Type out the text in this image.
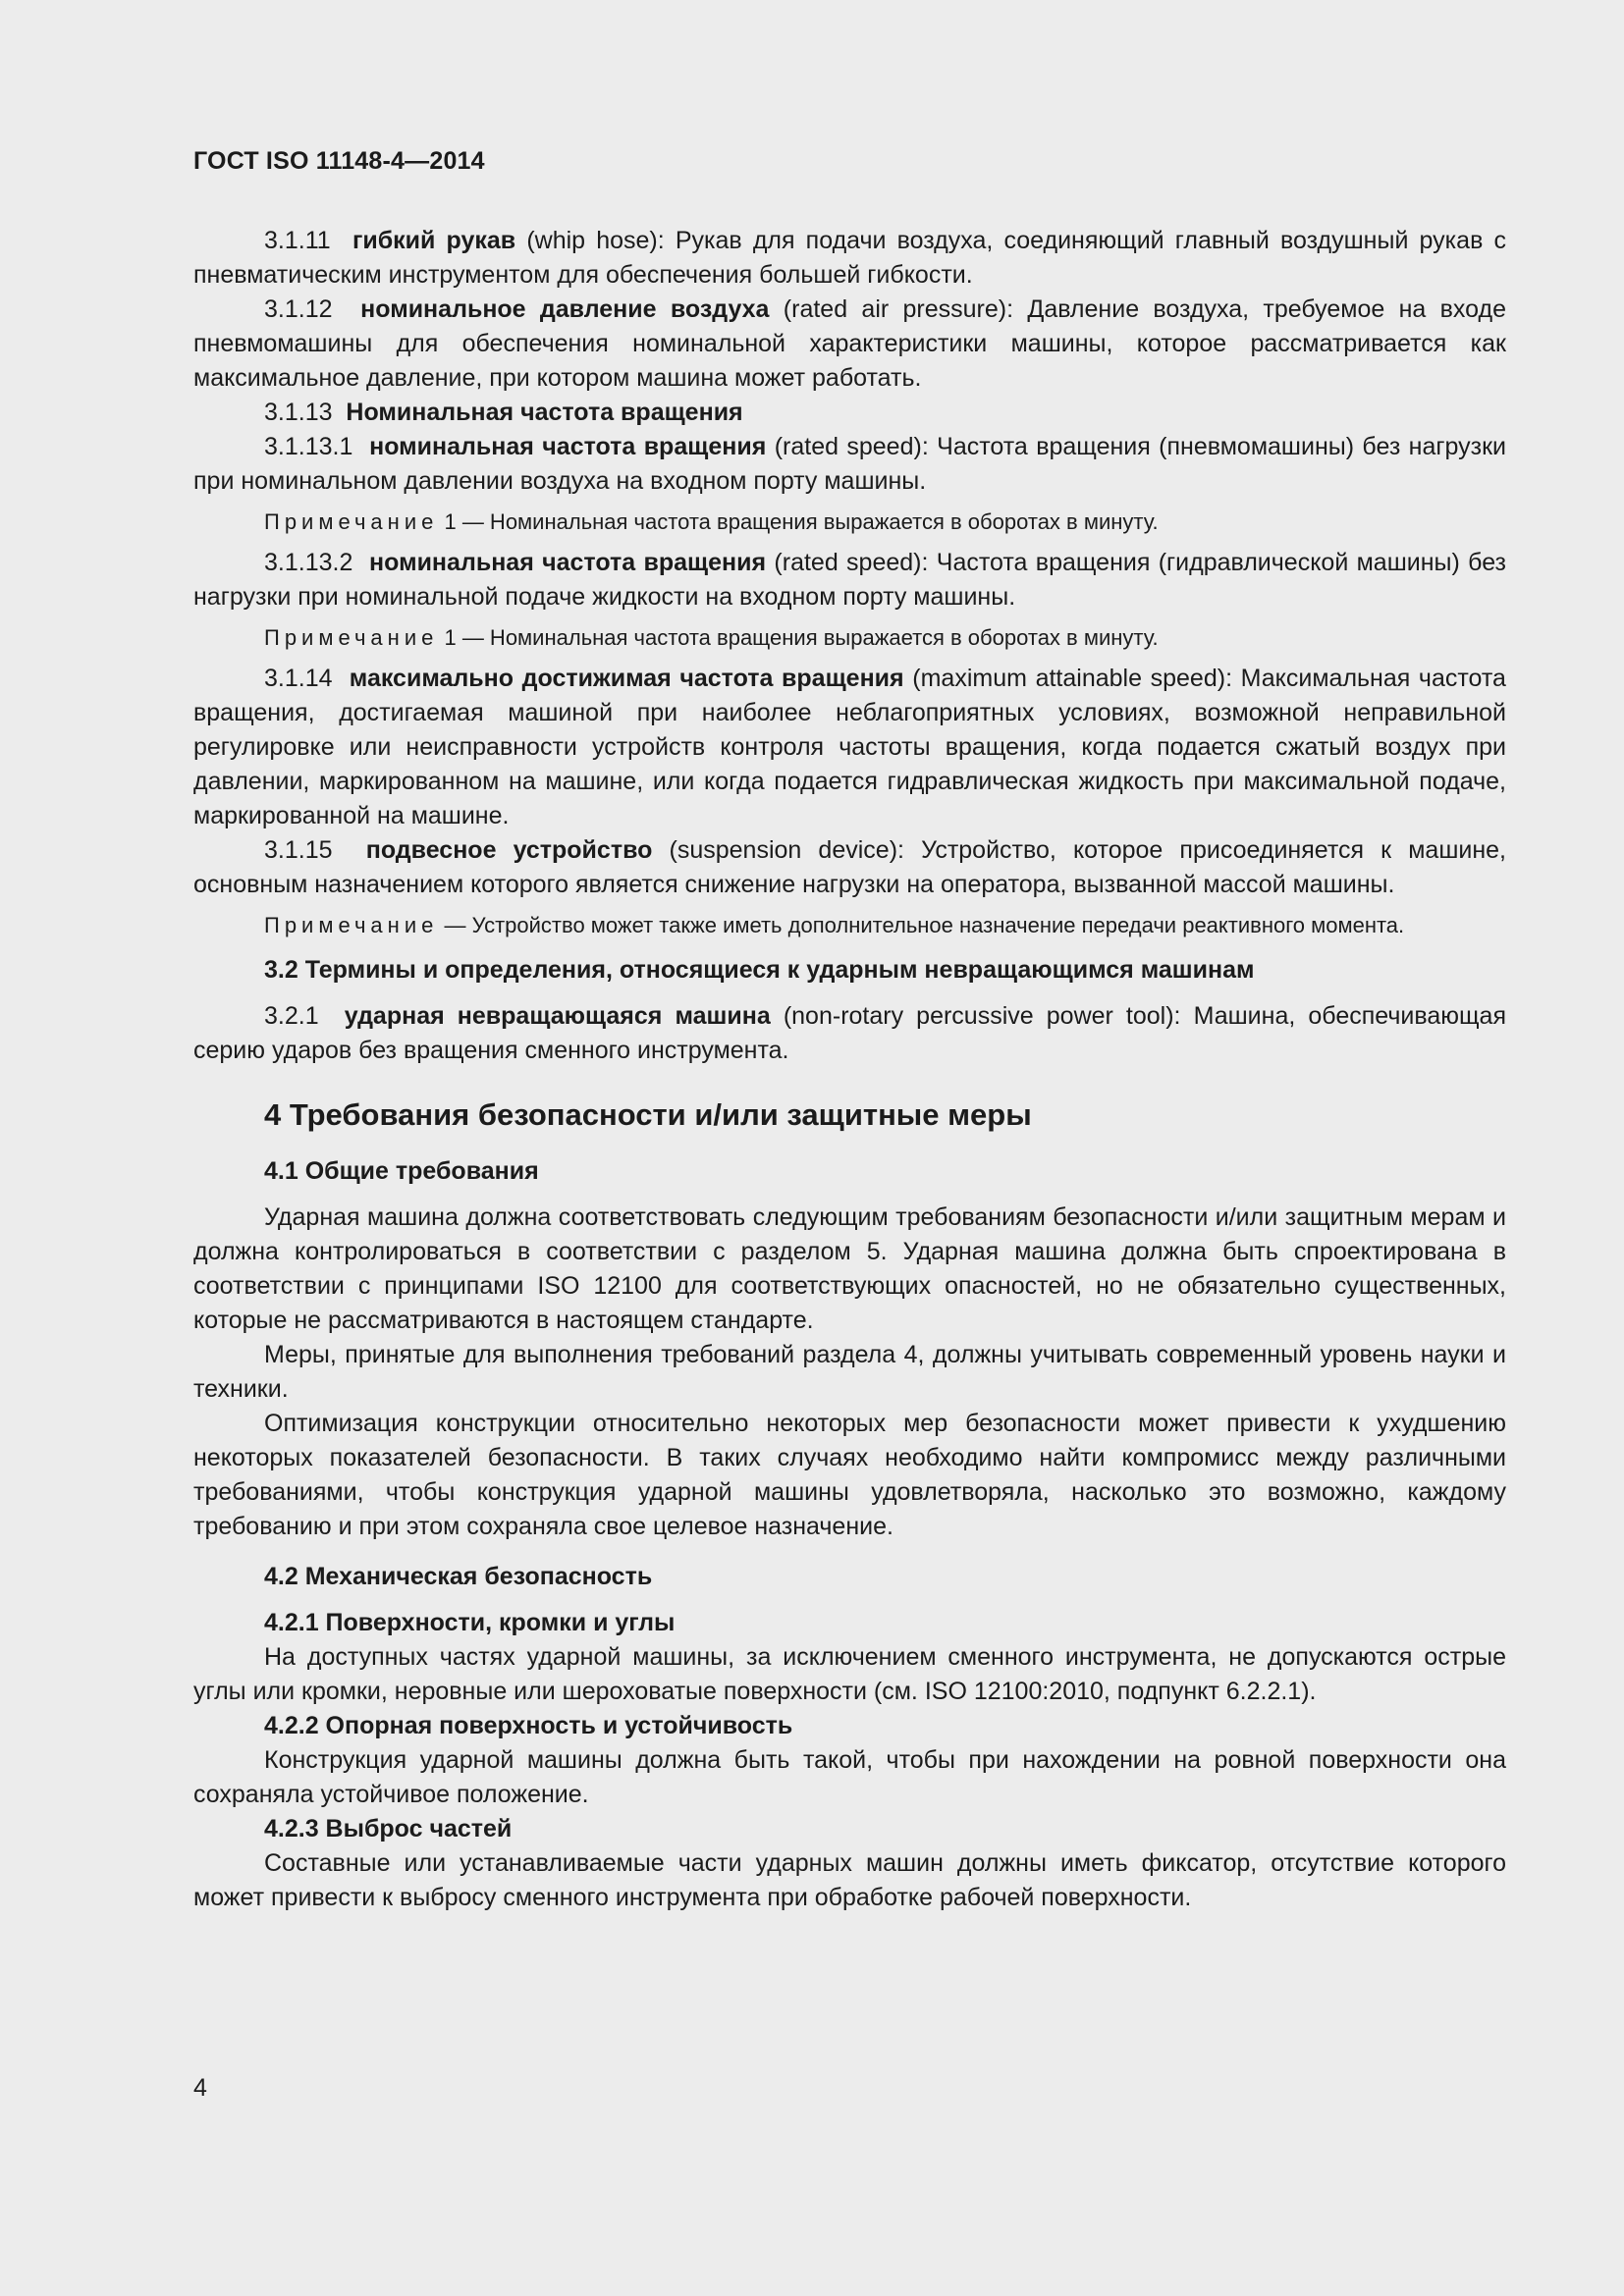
ГОСТ ISO 11148-4—2014

3.1.11 гибкий рукав (whip hose): Рукав для подачи воздуха, соединяющий главный воздушный рукав с пневматическим инструментом для обеспечения большей гибкости.

3.1.12 номинальное давление воздуха (rated air pressure): Давление воздуха, требуемое на входе пневмомашины для обеспечения номинальной характеристики машины, которое рассматривается как максимальное давление, при котором машина может работать.

3.1.13 Номинальная частота вращения

3.1.13.1 номинальная частота вращения (rated speed): Частота вращения (пневмомашины) без нагрузки при номинальном давлении воздуха на входном порту машины.

Примечание 1 — Номинальная частота вращения выражается в оборотах в минуту.

3.1.13.2 номинальная частота вращения (rated speed): Частота вращения (гидравлической машины) без нагрузки при номинальной подаче жидкости на входном порту машины.

Примечание 1 — Номинальная частота вращения выражается в оборотах в минуту.

3.1.14 максимально достижимая частота вращения (maximum attainable speed): Максимальная частота вращения, достигаемая машиной при наиболее неблагоприятных условиях, возможной неправильной регулировке или неисправности устройств контроля частоты вращения, когда подается сжатый воздух при давлении, маркированном на машине, или когда подается гидравлическая жидкость при максимальной подаче, маркированной на машине.

3.1.15 подвесное устройство (suspension device): Устройство, которое присоединяется к машине, основным назначением которого является снижение нагрузки на оператора, вызванной массой машины.

Примечание — Устройство может также иметь дополнительное назначение передачи реактивного момента.

3.2 Термины и определения, относящиеся к ударным невращающимся машинам

3.2.1 ударная невращающаяся машина (non-rotary percussive power tool): Машина, обеспечивающая серию ударов без вращения сменного инструмента.

4 Требования безопасности и/или защитные меры

4.1 Общие требования

Ударная машина должна соответствовать следующим требованиям безопасности и/или защитным мерам и должна контролироваться в соответствии с разделом 5. Ударная машина должна быть спроектирована в соответствии с принципами ISO 12100 для соответствующих опасностей, но не обязательно существенных, которые не рассматриваются в настоящем стандарте.

Меры, принятые для выполнения требований раздела 4, должны учитывать современный уровень науки и техники.

Оптимизация конструкции относительно некоторых мер безопасности может привести к ухудшению некоторых показателей безопасности. В таких случаях необходимо найти компромисс между различными требованиями, чтобы конструкция ударной машины удовлетворяла, насколько это возможно, каждому требованию и при этом сохраняла свое целевое назначение.

4.2 Механическая безопасность

4.2.1 Поверхности, кромки и углы

На доступных частях ударной машины, за исключением сменного инструмента, не допускаются острые углы или кромки, неровные или шероховатые поверхности (см. ISO 12100:2010, подпункт 6.2.2.1).

4.2.2 Опорная поверхность и устойчивость

Конструкция ударной машины должна быть такой, чтобы при нахождении на ровной поверхности она сохраняла устойчивое положение.

4.2.3 Выброс частей

Составные или устанавливаемые части ударных машин должны иметь фиксатор, отсутствие которого может привести к выбросу сменного инструмента при обработке рабочей поверхности.

4
